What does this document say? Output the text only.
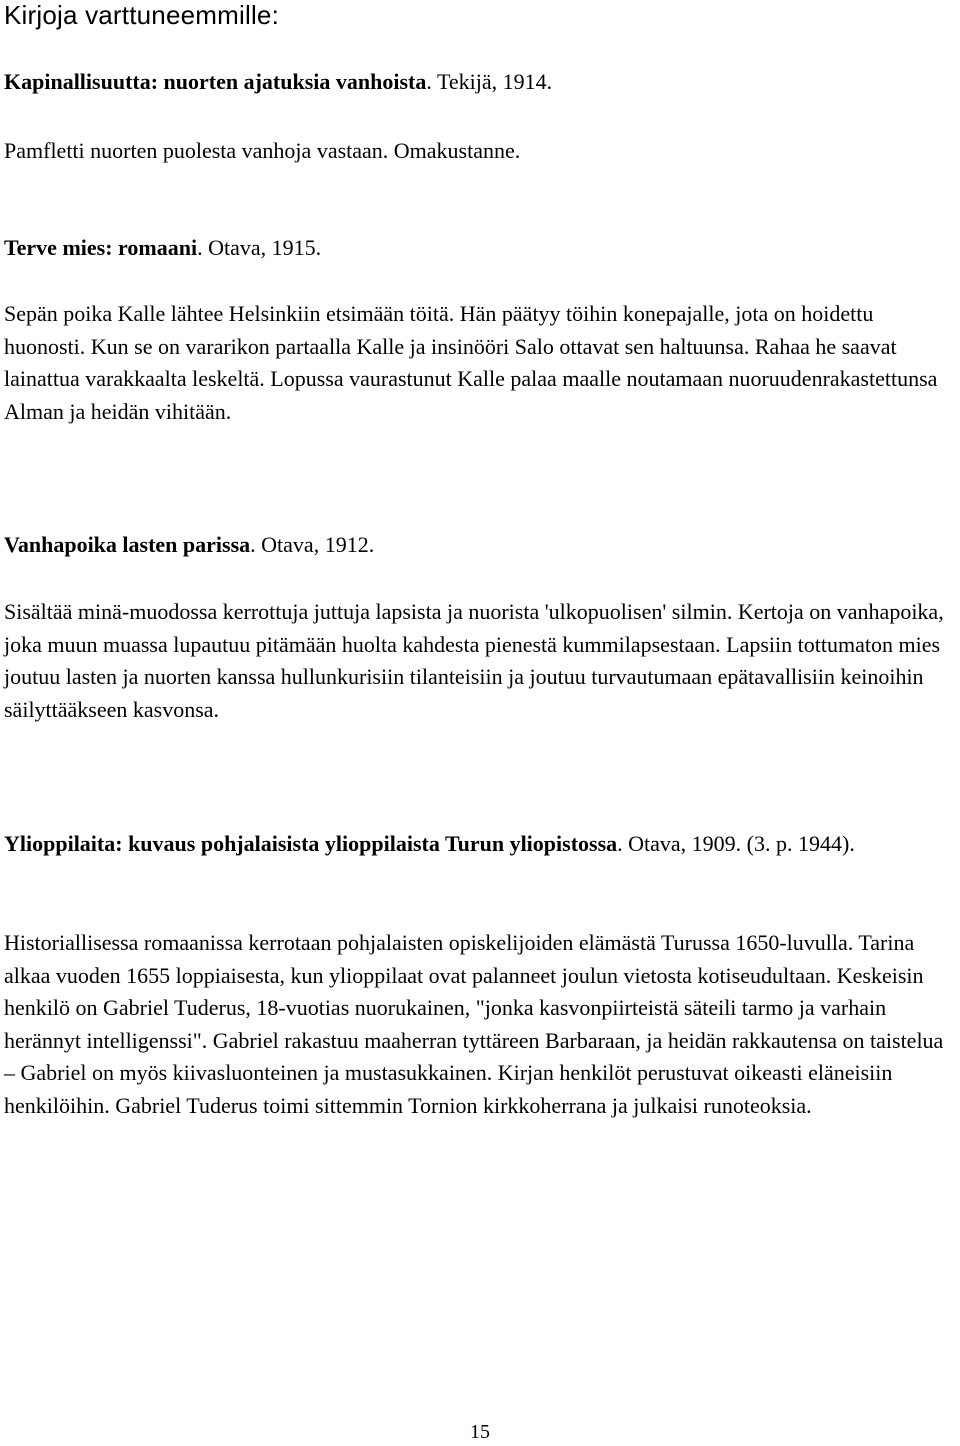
Kirjoja varttuneemmille:

Kapinallisuutta: nuorten ajatuksia vanhoista. Tekijä, 1914.

Pamfletti nuorten puolesta vanhoja vastaan. Omakustanne.

Terve mies: romaani. Otava, 1915.

Sepän poika Kalle lähtee Helsinkiin etsimään töitä. Hän päätyy töihin konepajalle, jota on hoidettu huonosti. Kun se on vararikon partaalla Kalle ja insinööri Salo ottavat sen haltuunsa. Rahaa he saavat lainattua varakkaalta leskeltä. Lopussa vaurastunut Kalle palaa maalle noutamaan nuoruudenrakastettunsa Alman ja heidän vihitään.

Vanhapoika lasten parissa. Otava, 1912.

Sisältää minä-muodossa kerrottuja juttuja lapsista ja nuorista 'ulkopuolisen' silmin. Kertoja on vanhapoika, joka muun muassa lupautuu pitämään huolta kahdesta pienestä kummilapsestaan. Lapsiin tottumaton mies joutuu lasten ja nuorten kanssa hullunkurisiin tilanteisiin ja joutuu turvautumaan epätavallisiin keinoihin säilyttääkseen kasvonsa.

Ylioppilaita: kuvaus pohjalaisista ylioppilaista Turun yliopistossa. Otava, 1909. (3. p. 1944).

Historiallisessa romaanissa kerrotaan pohjalaisten opiskelijoiden elämästä Turussa 1650-luvulla. Tarina alkaa vuoden 1655 loppiaisesta, kun ylioppilaat ovat palanneet joulun vietosta kotiseudultaan. Keskeisin henkilö on Gabriel Tuderus, 18-vuotias nuorukainen, "jonka kasvonpiirteistä säteili tarmo ja varhain herännyt intelligenssi". Gabriel rakastuu maaherran tyttäreen Barbaraan, ja heidän rakkautensa on taistelua – Gabriel on myös kiivasluonteinen ja mustasukkainen. Kirjan henkilöt perustuvat oikeasti eläneisiin henkilöihin. Gabriel Tuderus toimi sittemmin Tornion kirkkoherrana ja julkaisi runoteoksia.

15
